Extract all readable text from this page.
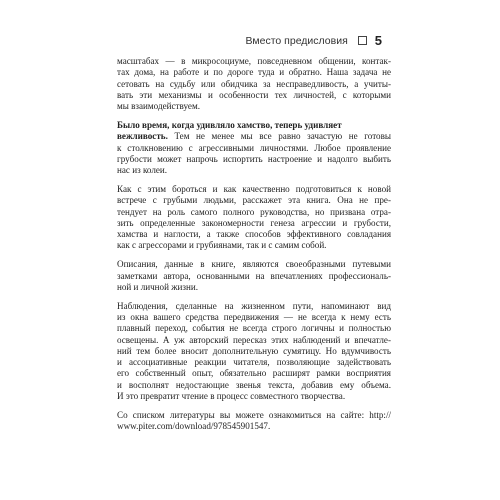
Вместо предисловия 5

масштабах — в микросоциуме, повседневном общении, контак-
тах дома, на работе и по дороге туда и обратно. Наша задача не
сетовать на судьбу или обидчика за несправедливость, а учиты-
вать эти механизмы и особенности тех личностей, с которыми
мы взаимодействуем.

Было время, когда удивляло хамство, теперь удивляет
вежливость. Тем не менее мы все равно зачастую не готовы
к столкновению с агрессивными личностями. Любое проявление
грубости может напрочь испортить настроение и надолго выбить
нас из колеи.

Как с этим бороться и как качественно подготовиться к новой
встрече с грубыми людьми, расскажет эта книга. Она не пре-
тендует на роль самого полного руководства, но призвана отра-
зить определенные закономерности генеза агрессии и грубости,
хамства и наглости, а также способов эффективного совладания
как с агрессорами и грубиянами, так и с самим собой.

Описания, данные в книге, являются своеобразными путевыми
заметками автора, основанными на впечатлениях профессиональ-
ной и личной жизни.

Наблюдения, сделанные на жизненном пути, напоминают вид
из окна вашего средства передвижения — не всегда к нему есть
плавный переход, события не всегда строго логичны и полностью
освещены. А уж авторский пересказ этих наблюдений и впечатле-
ний тем более вносит дополнительную сумятицу. Но вдумчивость
и ассоциативные реакции читателя, позволяющие задействовать
его собственный опыт, обязательно расширят рамки восприятия
и восполнят недостающие звенья текста, добавив ему объема.
И это превратит чтение в процесс совместного творчества.

Со списком литературы вы можете ознакомиться на сайте: http://
www.piter.com/download/978545901547.
